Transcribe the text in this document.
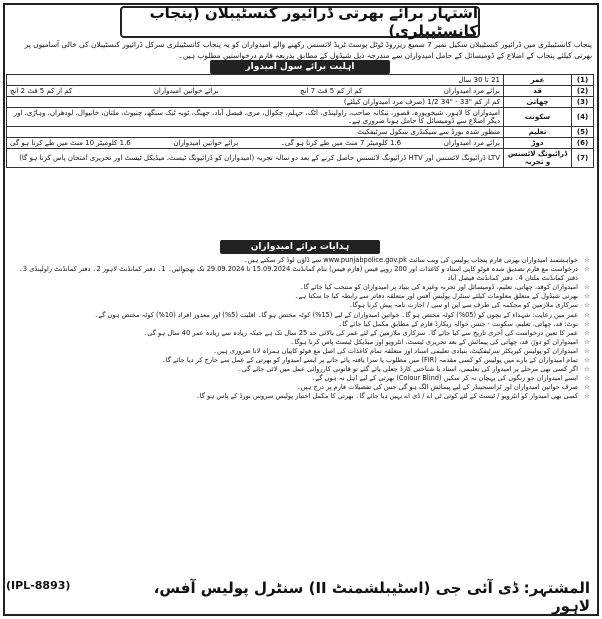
اشتہار برائے بھرتی ڈرائیور کنسٹیبلان (پنجاب کانسٹیبلری)
پنجاب کانسٹیبلری میں ڈرائیور کنسٹیبلان سکیل نمبر 7 سمیع ریزروڈ ٹوٹل پوسٹ ٹریڈ لائسنس رکھنے والے امیدواران کو یہ پنجاب کانسٹیبلری سرکل ڈرائیور کنسٹیبلان کی خالی آسامیوں پر بھرتی کیلئے پنجاب کے اضلاع کے ڈومیسائل کے حامل امیدواران سے مندرجہ ذیل شیڈول کے مطابق بذریعہ فارم درخواستیں مطلوب ہیں۔
اہلیت برائے سول امیدوار
(1)	عمر	21 تا 30 سال

(2)	قد	برائے مرد امیدواران
کم از کم 5 فٹ 7 انچ
برائے خواتین امیدواران
کم از کم 5 فٹ 2 انچ

(3)	چھاتی	کم از کم "33 - "34 1/2 (صرف مرد امیدواران کیلئے)

(4)	سکونت	امیدواران کا لاہور، شیخوپورہ، قصور، ننکانہ صاحب، راولپنڈی، اٹک، جہلم، چکوال، مری، فیصل آباد، جھنگ، ٹوبہ ٹیک سنگھ، چنیوٹ، ملتان، خانیوال، لودھراں، وہاڑی، اور دیگر اضلاع سے ڈومیسائل کا حامل ہونا ضروری ہے۔

(5)	تعلیم	منظور شدہ بورڈ سے سیکنڈری سکول سرٹیفکیٹ

(6)	دوڑ	برائے مرد امیدواران
1.6 کلومیٹر 7 منٹ میں طے کرنا ہو گی۔
برائے خواتین امیدواران
1.6 کلومیٹر 10 منٹ میں طے کرنا ہو گی

(7)	ڈرائیونگ لائسنس و تجربہ	LTV ڈرائیونگ لائسنس اور HTV ڈرائیونگ لائسنس حاصل کرنے کے بعد دو سالہ تجربہ (امیدواران کو ڈرائیونگ ٹیسٹ، میڈیکل ٹیسٹ اور تحریری امتحان پاس کرنا ہو گا)
ہدایات برائے امیدواران
☆
خواہشمند امیدواران بھرتی فارم پنجاب پولیس کی ویب سائٹ www.punjabpolice.gov.pk سے ڈاؤن لوڈ کر سکتے ہیں۔
☆
درخواست مع فارم تصدیق شدہ فوٹو کاپی اسناد و کاغذات اور 200 روپے فیس (فارم فیس) بنام کمانڈنٹ 15.09.2024 تا 29.09.2024 تک بھجوائیں۔ 1۔ دفتر کمانڈنٹ لاہور 2۔ دفتر کمانڈنٹ راولپنڈی 3۔ دفتر کمانڈنٹ ملتان 4۔ دفتر کمانڈنٹ فیصل آباد
☆
امیدواران کوقد، چھاتی، تعلیم، ڈومیسائل اور تجربہ وغیرہ کی بنیاد پر امیدواران کو منتخب کیا جائے گا۔
☆
بھرتی شیڈول کے متعلق معلومات کیلئے سنٹرل پولیس آفس اور متعلقہ دفاتر سے رابطہ کیا جا سکتا ہے۔
☆
سرکاری ملازمین کو محکمہ کی طرف سے این او سی / اجازت نامہ پیش کرنا ہوگا۔
☆
عمر میں رعایت: شہداء کے بچوں کو (05%) کوٹہ مختص ہو گا۔ خواتین امیدواران کے لیے (15%) کوٹہ مختص ہو گا۔ اقلیت (5%) اور معذور افراد (10%) کوٹہ مختص ہوں گے۔
☆
نوٹ: قد، چھاتی، تعلیم، سکونت - جنس حوالہ ریکارڈ فارم کے مطابق مکمل کیا جائے گا۔
☆
عمر کا تعین درخواست کی آخری تاریخ سے کیا جائے گا۔ سرکاری ملازمین کے لئے عمر کی بالائی حد 25 سال تک ہے جبکہ زیادہ سے زیادہ عمر 40 سال ہو گی۔
☆
امیدواران کو دوڑ، قد، چھاتی کی پیمائش کے بعد تحریری ٹیسٹ، انٹرویو اور میڈیکل ٹیسٹ پاس کرنا ہوگا۔
☆
امیدواران کو پولیس کیریکٹر سرٹیفکیٹ، بنیادی تعلیمی اسناد اور متعلقہ تمام کاغذات کی اصل مع فوٹو کاپیاں ہمراہ لانا ضروری ہیں۔
☆
تمام امیدواران کے بارے میں پولیس کو کسی مقدمہ (FIR) میں مطلوب یا سزا یافتہ پائے جانے پر ایسے امیدوار کو بھرتی کے عمل سے خارج کر دیا جائے گا۔
☆
اگر کسی بھی مرحلے پر امیدوار کی تعلیمی، اسناد یا شناختی کارڈ جعلی پائے گئے تو قانونی کارروائی عمل میں لائی جائے گی۔
☆
ایسے امیدواران جو رنگوں کی پہچان نہ کر سکیں (Colour Blind) بھرتی کے لیے اہل نہ ہوں گے۔
☆
صرف خواتین امیدواران اور ٹرانسجینڈر کے لیے پیمائش الگ ہو گی جس کی تفصیلات فارم پر درج ہیں۔
☆
کسی بھی امیدوار کو انٹرویو / ٹیسٹ کے لئے کوئی ٹی اے / ڈی اے نہیں دیا جائے گا۔ بھرتی کا مکمل اختیار پولیس سروس بورڈ کے پاس ہو گا۔
(IPL-8893)	المشتہر: ڈی آئی جی (اسٹیبلشمنٹ II) سنٹرل پولیس آفس، لاہور
